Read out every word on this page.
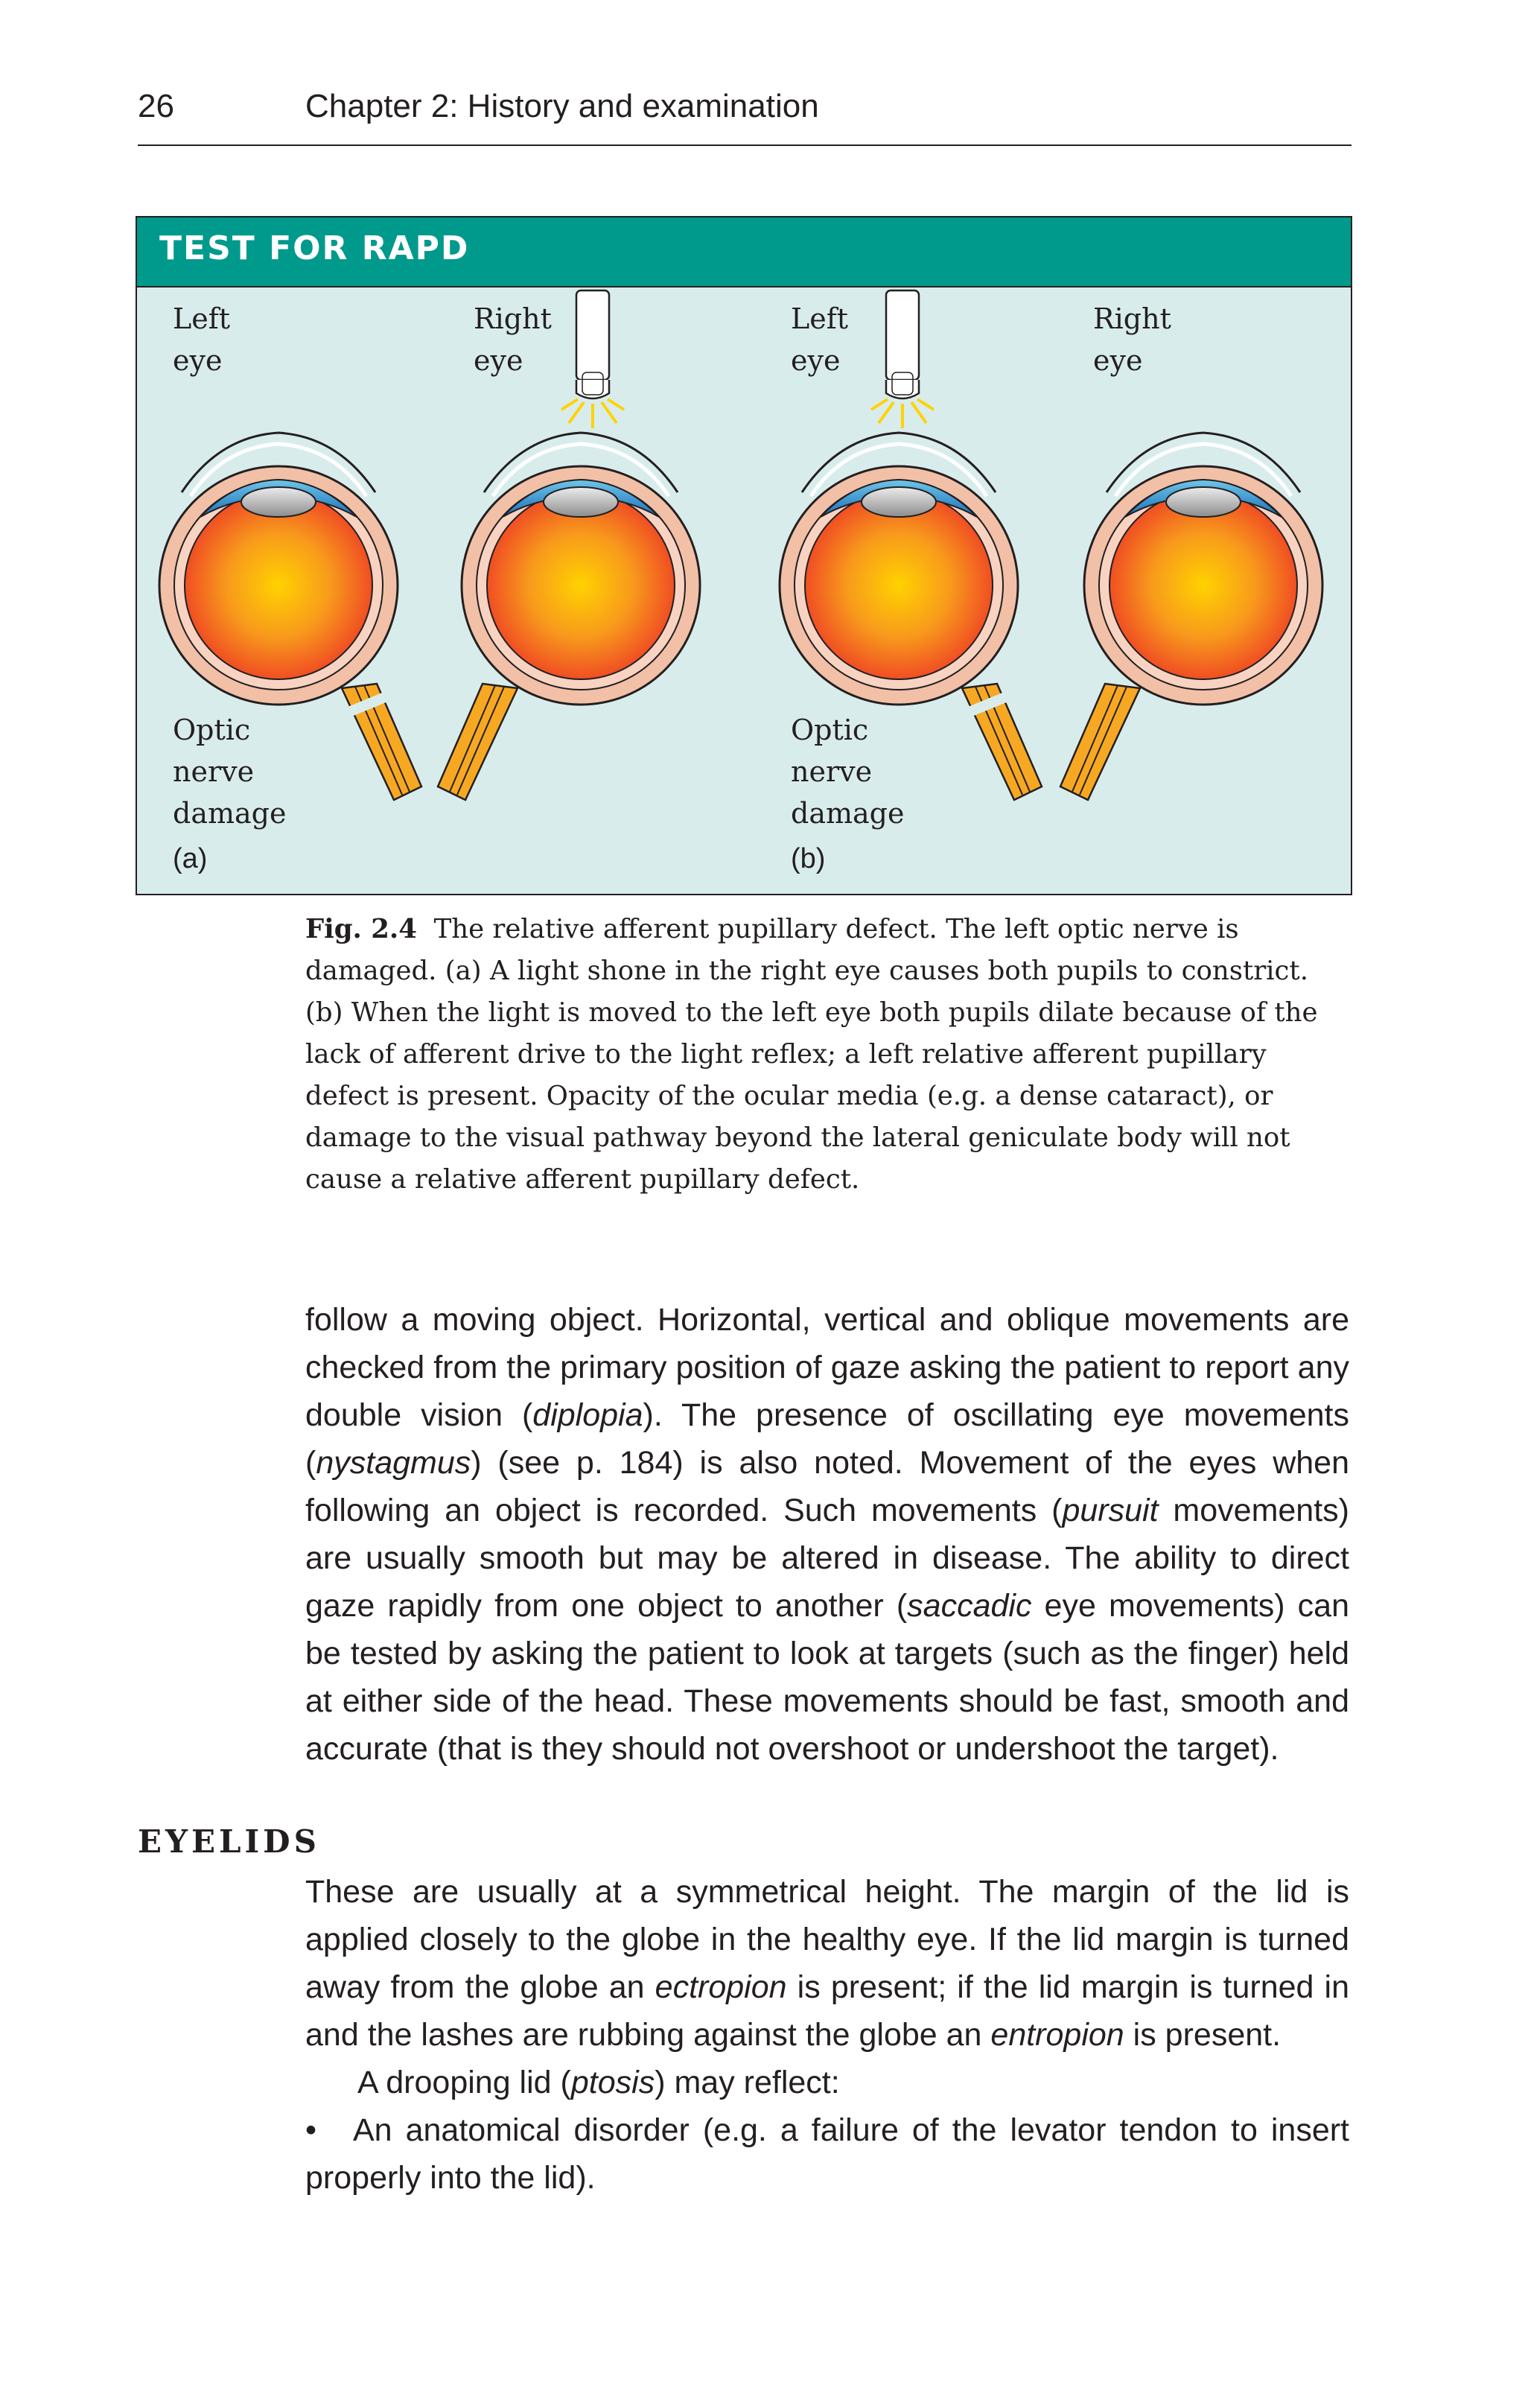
26	Chapter 2: History and examination
TEST FOR RAPD
Left
eye
Right
eye
Left
eye
Right
eye
Optic
nerve
damage
Optic
nerve
damage
(a)	(b)
Fig. 2.4 The relative afferent pupillary defect. The left optic nerve is damaged. (a) A light shone in the right eye causes both pupils to constrict. (b) When the light is moved to the left eye both pupils dilate because of the lack of afferent drive to the light reflex; a left relative afferent pupillary defect is present. Opacity of the ocular media (e.g. a dense cataract), or damage to the visual pathway beyond the lateral geniculate body will not cause a relative afferent pupillary defect.

follow a moving object. Horizontal, vertical and oblique movements are checked from the primary position of gaze asking the patient to report any double vision (diplopia). The presence of oscillating eye movements (nystagmus) (see p. 184) is also noted. Movement of the eyes when following an object is recorded. Such movements (pursuit movements) are usually smooth but may be altered in disease. The ability to direct gaze rapidly from one object to another (saccadic eye movements) can be tested by asking the patient to look at targets (such as the finger) held at either side of the head. These movements should be fast, smooth and accurate (that is they should not overshoot or undershoot the target).

EYELIDS

These are usually at a symmetrical height. The margin of the lid is applied closely to the globe in the healthy eye. If the lid margin is turned away from the globe an ectropion is present; if the lid margin is turned in and the lashes are rubbing against the globe an entropion is present.

A drooping lid (ptosis) may reflect:

•	An anatomical disorder (e.g. a failure of the levator tendon to insert properly into the lid).
